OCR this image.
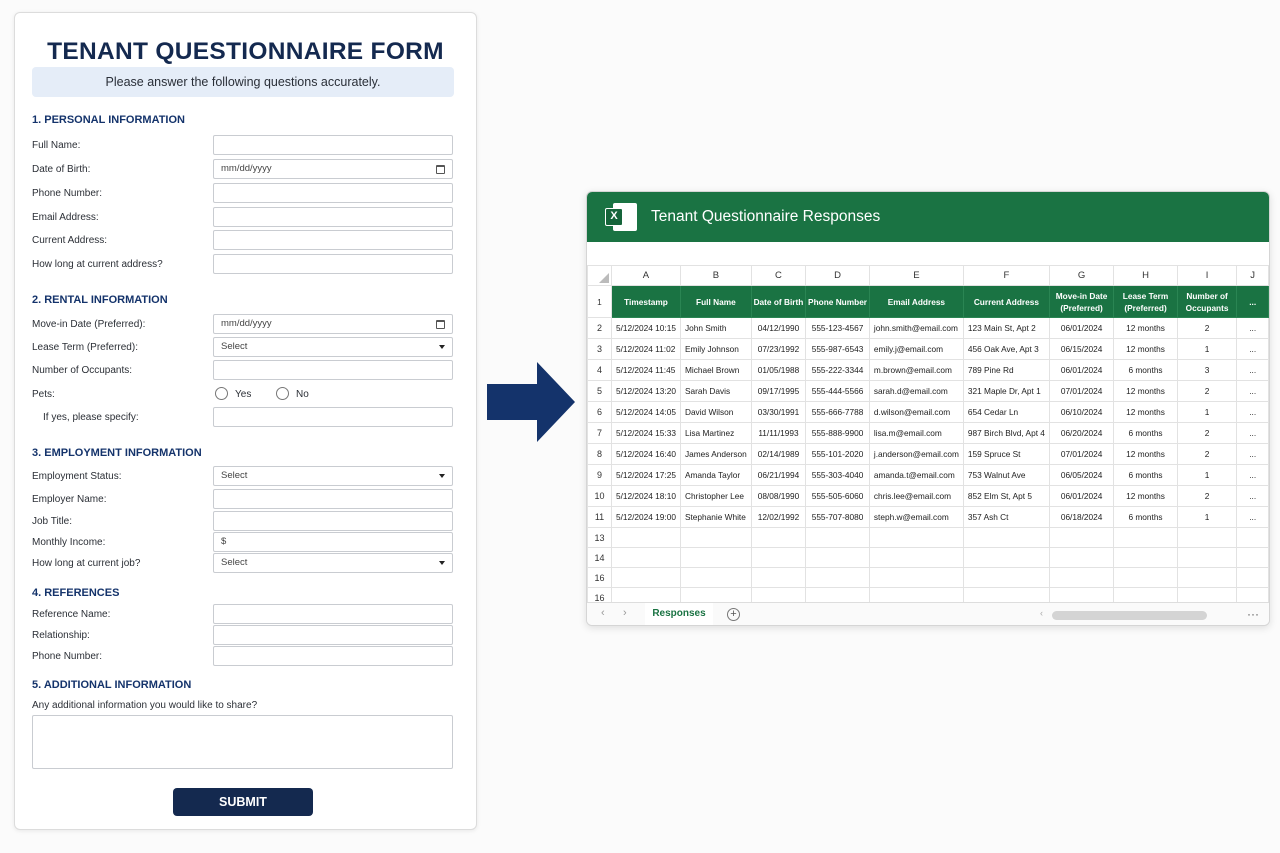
TENANT QUESTIONNAIRE FORM
Please answer the following questions accurately.
1. PERSONAL INFORMATION
Full Name:
Date of Birth:	mm/dd/yyyy
Phone Number:
Email Address:
Current Address:
How long at current address?
2. RENTAL INFORMATION
Move-in Date (Preferred):	mm/dd/yyyy
Lease Term (Preferred):	Select
Number of Occupants:
Pets:	Yes	No
If yes, please specify:
3. EMPLOYMENT INFORMATION
Employment Status:	Select
Employer Name:
Job Title:
Monthly Income:	$
How long at current job?	Select
4. REFERENCES
Reference Name:
Relationship:
Phone Number:
5. ADDITIONAL INFORMATION
Any additional information you would like to share?
SUBMIT
X	Tenant Questionnaire Responses
	A	B	C	D	E	F	G	H	I	J
1	Timestamp	Full Name	Date of Birth	Phone Number	Email Address	Current Address	Move-in Date (Preferred)	Lease Term (Preferred)	Number of Occupants	...
2	5/12/2024 10:15	John Smith	04/12/1990	555-123-4567	john.smith@email.com	123 Main St, Apt 2	06/01/2024	12 months	2	...
3	5/12/2024 11:02	Emily Johnson	07/23/1992	555-987-6543	emily.j@email.com	456 Oak Ave, Apt 3	06/15/2024	12 months	1	...
4	5/12/2024 11:45	Michael Brown	01/05/1988	555-222-3344	m.brown@email.com	789 Pine Rd	06/01/2024	6 months	3	...
5	5/12/2024 13:20	Sarah Davis	09/17/1995	555-444-5566	sarah.d@email.com	321 Maple Dr, Apt 1	07/01/2024	12 months	2	...
6	5/12/2024 14:05	David Wilson	03/30/1991	555-666-7788	d.wilson@email.com	654 Cedar Ln	06/10/2024	12 months	1	...
7	5/12/2024 15:33	Lisa Martinez	11/11/1993	555-888-9900	lisa.m@email.com	987 Birch Blvd, Apt 4	06/20/2024	6 months	2	...
8	5/12/2024 16:40	James Anderson	02/14/1989	555-101-2020	j.anderson@email.com	159 Spruce St	07/01/2024	12 months	2	...
9	5/12/2024 17:25	Amanda Taylor	06/21/1994	555-303-4040	amanda.t@email.com	753 Walnut Ave	06/05/2024	6 months	1	...
10	5/12/2024 18:10	Christopher Lee	08/08/1990	555-505-6060	chris.lee@email.com	852 Elm St, Apt 5	06/01/2024	12 months	2	...
11	5/12/2024 19:00	Stephanie White	12/02/1992	555-707-8080	steph.w@email.com	357 Ash Ct	06/18/2024	6 months	1	...
13										
14										
16										
16										
‹ ›	Responses	+	‹	···
